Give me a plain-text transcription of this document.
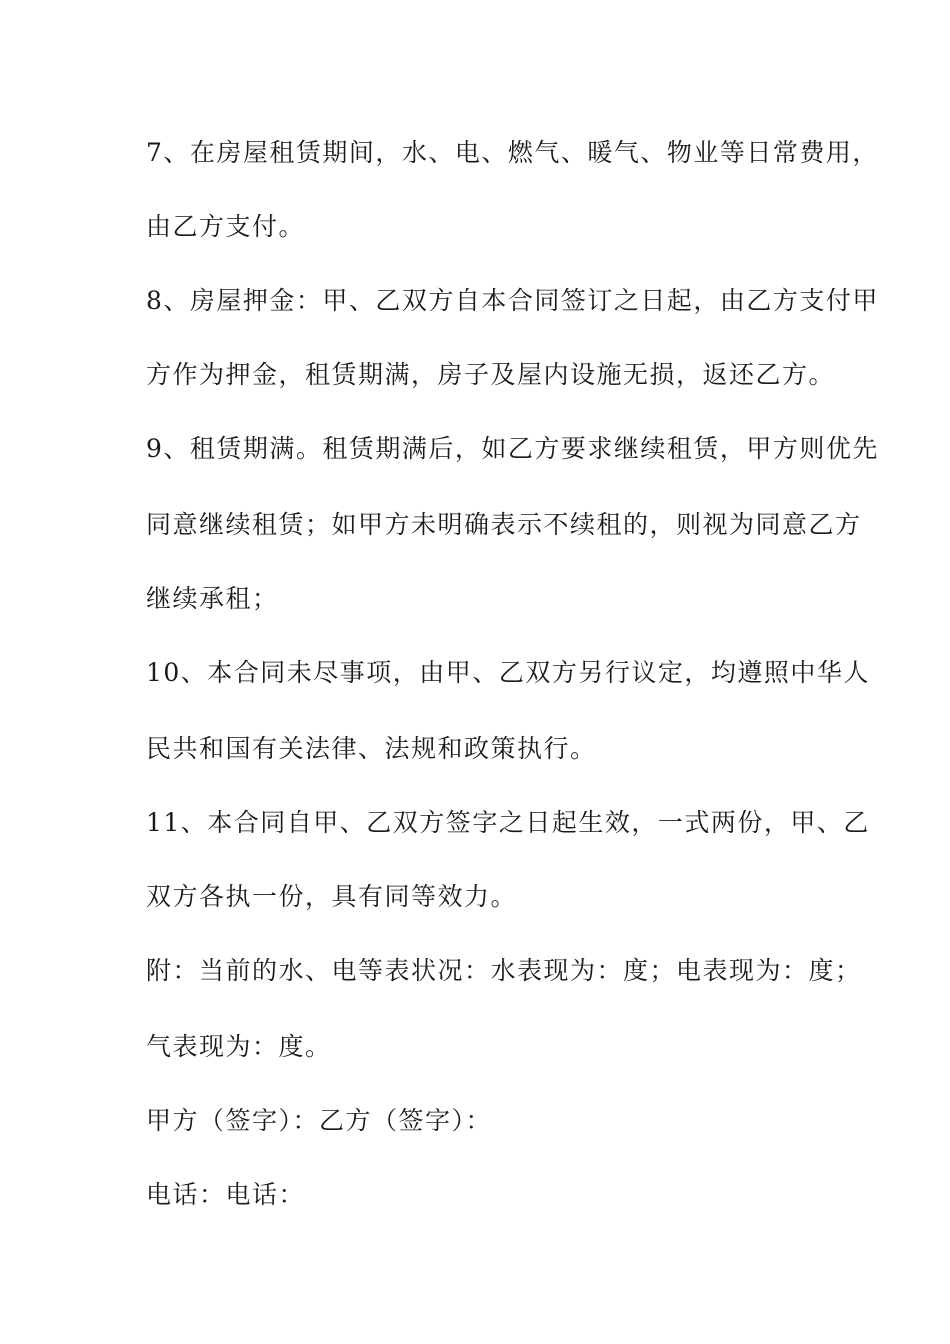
7、在房屋租赁期间，水、电、燃气、暖气、物业等日常费用，
由乙方支付。
8、房屋押金：甲、乙双方自本合同签订之日起，由乙方支付甲
方作为押金，租赁期满，房子及屋内设施无损，返还乙方。
9、租赁期满。租赁期满后，如乙方要求继续租赁，甲方则优先
同意继续租赁；如甲方未明确表示不续租的，则视为同意乙方
继续承租；
10、本合同未尽事项，由甲、乙双方另行议定，均遵照中华人
民共和国有关法律、法规和政策执行。
11、本合同自甲、乙双方签字之日起生效，一式两份，甲、乙
双方各执一份，具有同等效力。
附：当前的水、电等表状况：水表现为：度；电表现为：度；
气表现为：度。
甲方（签字）：乙方（签字）：
电话：电话：
